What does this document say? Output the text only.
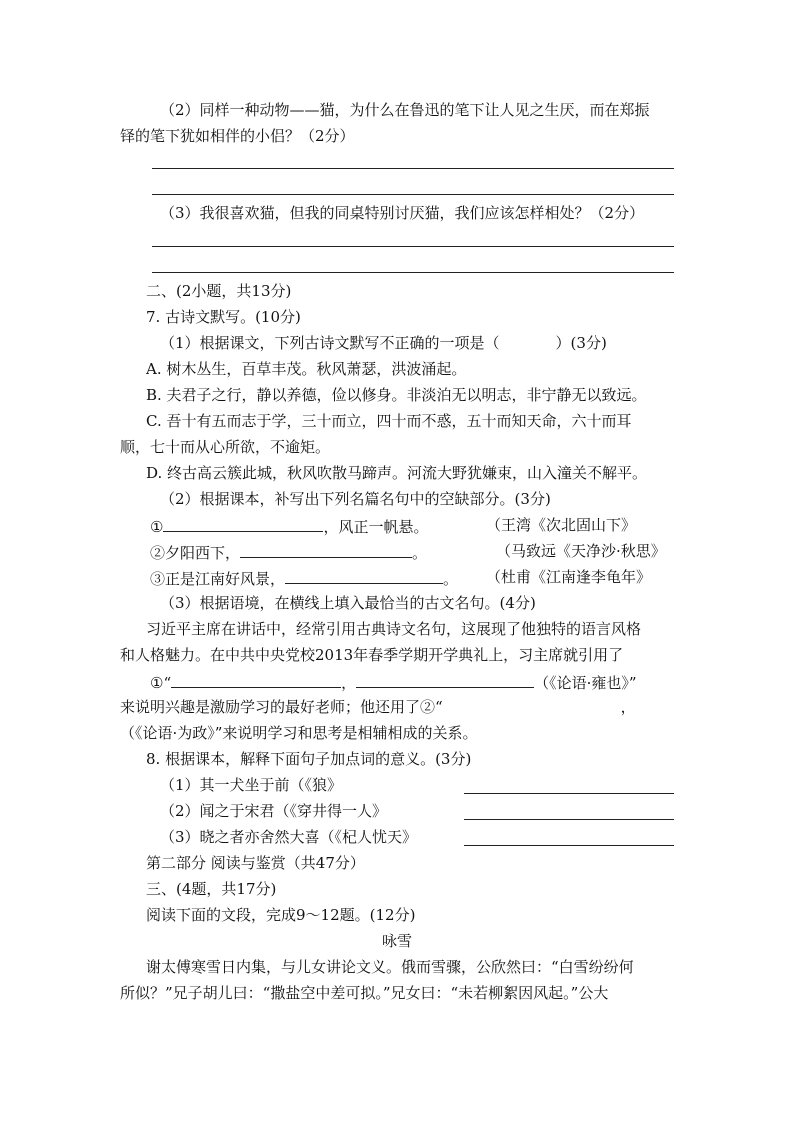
（2）同样一种动物——猫，为什么在鲁迅的笔下让人见之生厌，而在郑振
铎的笔下犹如相伴的小侣？（2分）
（3）我很喜欢猫，但我的同桌特别讨厌猫，我们应该怎样相处？（2分）
二、(2小题，共13分)
7. 古诗文默写。(10分)
（1）根据课文，下列古诗文默写不正确的一项是（	）(3分)
A. 树木丛生，百草丰茂。秋风萧瑟，洪波涌起。
B. 夫君子之行，静以养德，俭以修身。非淡泊无以明志，非宁静无以致远。
C. 吾十有五而志于学，三十而立，四十而不惑，五十而知天命，六十而耳
顺，七十而从心所欲，不逾矩。
D. 终古高云簇此城，秋风吹散马蹄声。河流大野犹嫌束，山入潼关不解平。
（2）根据课本，补写出下列名篇名句中的空缺部分。(3分)
①	，风正一帆悬。	（王湾《次北固山下》
②夕阳西下，	。	（马致远《天净沙·秋思》
③正是江南好风景，	。 （杜甫《江南逢李龟年》
（3）根据语境，在横线上填入最恰当的古文名句。(4分)
习近平主席在讲话中，经常引用古典诗文名句，这展现了他独特的语言风格
和人格魅力。在中共中央党校2013年春季学期开学典礼上，习主席就引用了
①“	，	（《论语·雍也》”
来说明兴趣是激励学习的最好老师；他还用了②“	，
（《论语·为政》”来说明学习和思考是相辅相成的关系。
8. 根据课本，解释下面句子加点词的意义。(3分)
（1）其一犬坐于前（《狼》
（2）闻之于宋君（《穿井得一人》
（3）晓之者亦舍然大喜（《杞人忧天》
第二部分 阅读与鉴赏（共47分）
三、(4题，共17分)
阅读下面的文段，完成9～12题。(12分)
咏雪
谢太傅寒雪日内集，与儿女讲论文义。俄而雪骤，公欣然曰：“白雪纷纷何
所似？”兄子胡儿曰：“撒盐空中差可拟。”兄女曰：“未若柳絮因风起。”公大
